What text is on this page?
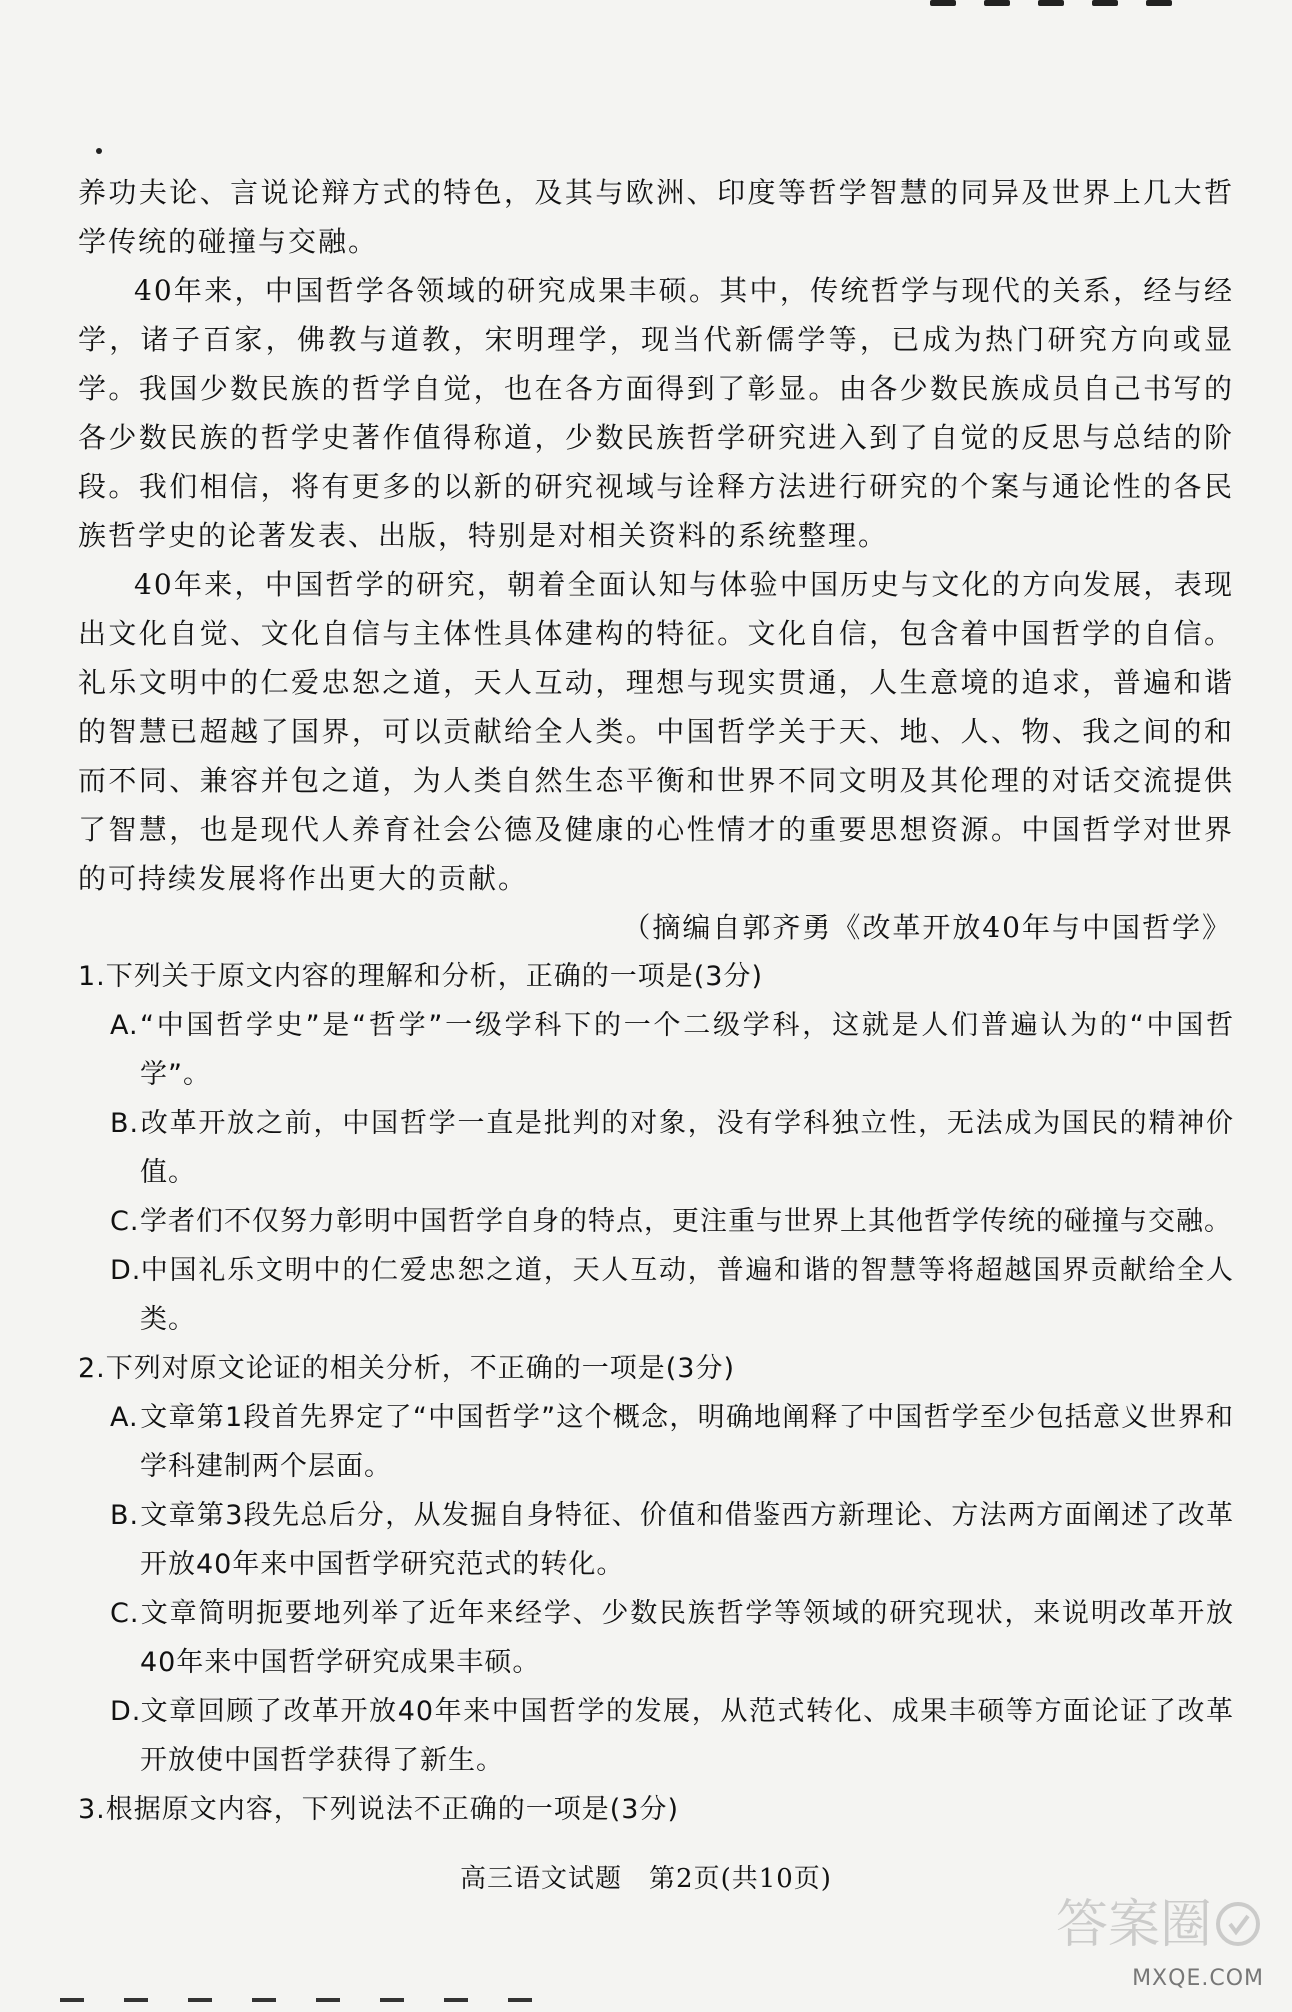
养功夫论、言说论辩方式的特色，及其与欧洲、印度等哲学智慧的同异及世界上几大哲学传统的碰撞与交融。

40年来，中国哲学各领域的研究成果丰硕。其中，传统哲学与现代的关系，经与经学，诸子百家，佛教与道教，宋明理学，现当代新儒学等，已成为热门研究方向或显学。我国少数民族的哲学自觉，也在各方面得到了彰显。由各少数民族成员自己书写的各少数民族的哲学史著作值得称道，少数民族哲学研究进入到了自觉的反思与总结的阶段。我们相信，将有更多的以新的研究视域与诠释方法进行研究的个案与通论性的各民族哲学史的论著发表、出版，特别是对相关资料的系统整理。

40年来，中国哲学的研究，朝着全面认知与体验中国历史与文化的方向发展，表现出文化自觉、文化自信与主体性具体建构的特征。文化自信，包含着中国哲学的自信。礼乐文明中的仁爱忠恕之道，天人互动，理想与现实贯通，人生意境的追求，普遍和谐的智慧已超越了国界，可以贡献给全人类。中国哲学关于天、地、人、物、我之间的和而不同、兼容并包之道，为人类自然生态平衡和世界不同文明及其伦理的对话交流提供了智慧，也是现代人养育社会公德及健康的心性情才的重要思想资源。中国哲学对世界的可持续发展将作出更大的贡献。

（摘编自郭齐勇《改革开放40年与中国哲学》

1.下列关于原文内容的理解和分析，正确的一项是(3分)

A.“中国哲学史”是“哲学”一级学科下的一个二级学科，这就是人们普遍认为的“中国哲学”。

B.改革开放之前，中国哲学一直是批判的对象，没有学科独立性，无法成为国民的精神价值。

C.学者们不仅努力彰明中国哲学自身的特点，更注重与世界上其他哲学传统的碰撞与交融。

D.中国礼乐文明中的仁爱忠恕之道，天人互动，普遍和谐的智慧等将超越国界贡献给全人类。

2.下列对原文论证的相关分析，不正确的一项是(3分)

A.文章第1段首先界定了“中国哲学”这个概念，明确地阐释了中国哲学至少包括意义世界和学科建制两个层面。

B.文章第3段先总后分，从发掘自身特征、价值和借鉴西方新理论、方法两方面阐述了改革开放40年来中国哲学研究范式的转化。

C.文章简明扼要地列举了近年来经学、少数民族哲学等领域的研究现状，来说明改革开放40年来中国哲学研究成果丰硕。

D.文章回顾了改革开放40年来中国哲学的发展，从范式转化、成果丰硕等方面论证了改革开放使中国哲学获得了新生。

3.根据原文内容，下列说法不正确的一项是(3分)

高三语文试题　第2页(共10页)
答案圈
MXQE.COM
